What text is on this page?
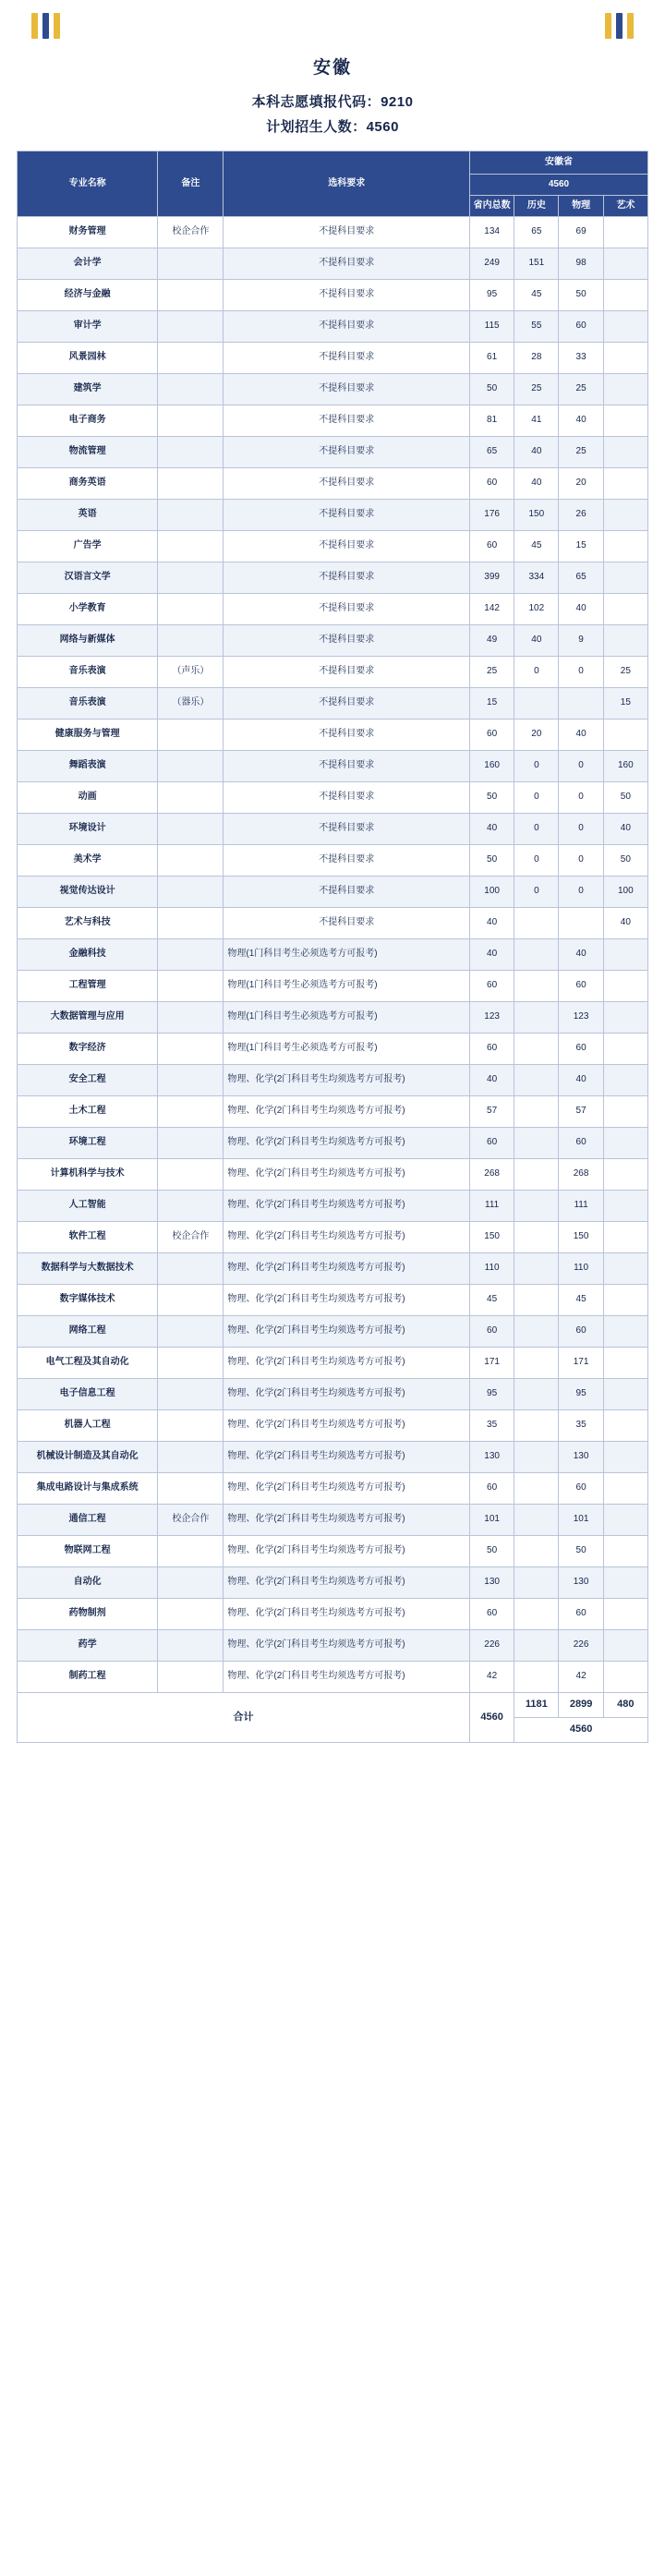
安徽
本科志愿填报代码：9210
计划招生人数：4560
专业名称	备注	选科要求	安徽省			
			4560			
			省内总数	历史	物理	艺术
财务管理	校企合作	不提科目要求	134	65	69	
会计学		不提科目要求	249	151	98	
经济与金融		不提科目要求	95	45	50	
审计学		不提科目要求	115	55	60	
风景园林		不提科目要求	61	28	33	
建筑学		不提科目要求	50	25	25	
电子商务		不提科目要求	81	41	40	
物流管理		不提科目要求	65	40	25	
商务英语		不提科目要求	60	40	20	
英语		不提科目要求	176	150	26	
广告学		不提科目要求	60	45	15	
汉语言文学		不提科目要求	399	334	65	
小学教育		不提科目要求	142	102	40	
网络与新媒体		不提科目要求	49	40	9	
音乐表演	（声乐）	不提科目要求	25	0	0	25
音乐表演	（器乐）	不提科目要求	15			15
健康服务与管理		不提科目要求	60	20	40	
舞蹈表演		不提科目要求	160	0	0	160
动画		不提科目要求	50	0	0	50
环境设计		不提科目要求	40	0	0	40
美术学		不提科目要求	50	0	0	50
视觉传达设计		不提科目要求	100	0	0	100
艺术与科技		不提科目要求	40			40
金融科技		物理(1门科目考生必须选考方可报考)	40		40	
工程管理		物理(1门科目考生必须选考方可报考)	60		60	
大数据管理与应用		物理(1门科目考生必须选考方可报考)	123		123	
数字经济		物理(1门科目考生必须选考方可报考)	60		60	
安全工程		物理、化学(2门科目考生均须选考方可报考)	40		40	
土木工程		物理、化学(2门科目考生均须选考方可报考)	57		57	
环境工程		物理、化学(2门科目考生均须选考方可报考)	60		60	
计算机科学与技术		物理、化学(2门科目考生均须选考方可报考)	268		268	
人工智能		物理、化学(2门科目考生均须选考方可报考)	111		111	
软件工程	校企合作	物理、化学(2门科目考生均须选考方可报考)	150		150	
数据科学与大数据技术		物理、化学(2门科目考生均须选考方可报考)	110		110	
数字媒体技术		物理、化学(2门科目考生均须选考方可报考)	45		45	
网络工程		物理、化学(2门科目考生均须选考方可报考)	60		60	
电气工程及其自动化		物理、化学(2门科目考生均须选考方可报考)	171		171	
电子信息工程		物理、化学(2门科目考生均须选考方可报考)	95		95	
机器人工程		物理、化学(2门科目考生均须选考方可报考)	35		35	
机械设计制造及其自动化		物理、化学(2门科目考生均须选考方可报考)	130		130	
集成电路设计与集成系统		物理、化学(2门科目考生均须选考方可报考)	60		60	
通信工程	校企合作	物理、化学(2门科目考生均须选考方可报考)	101		101	
物联网工程		物理、化学(2门科目考生均须选考方可报考)	50		50	
自动化		物理、化学(2门科目考生均须选考方可报考)	130		130	
药物制剂		物理、化学(2门科目考生均须选考方可报考)	60		60	
药学		物理、化学(2门科目考生均须选考方可报考)	226		226	
制药工程		物理、化学(2门科目考生均须选考方可报考)	42		42	
合计			4560	1181	2899	480
				4560		
